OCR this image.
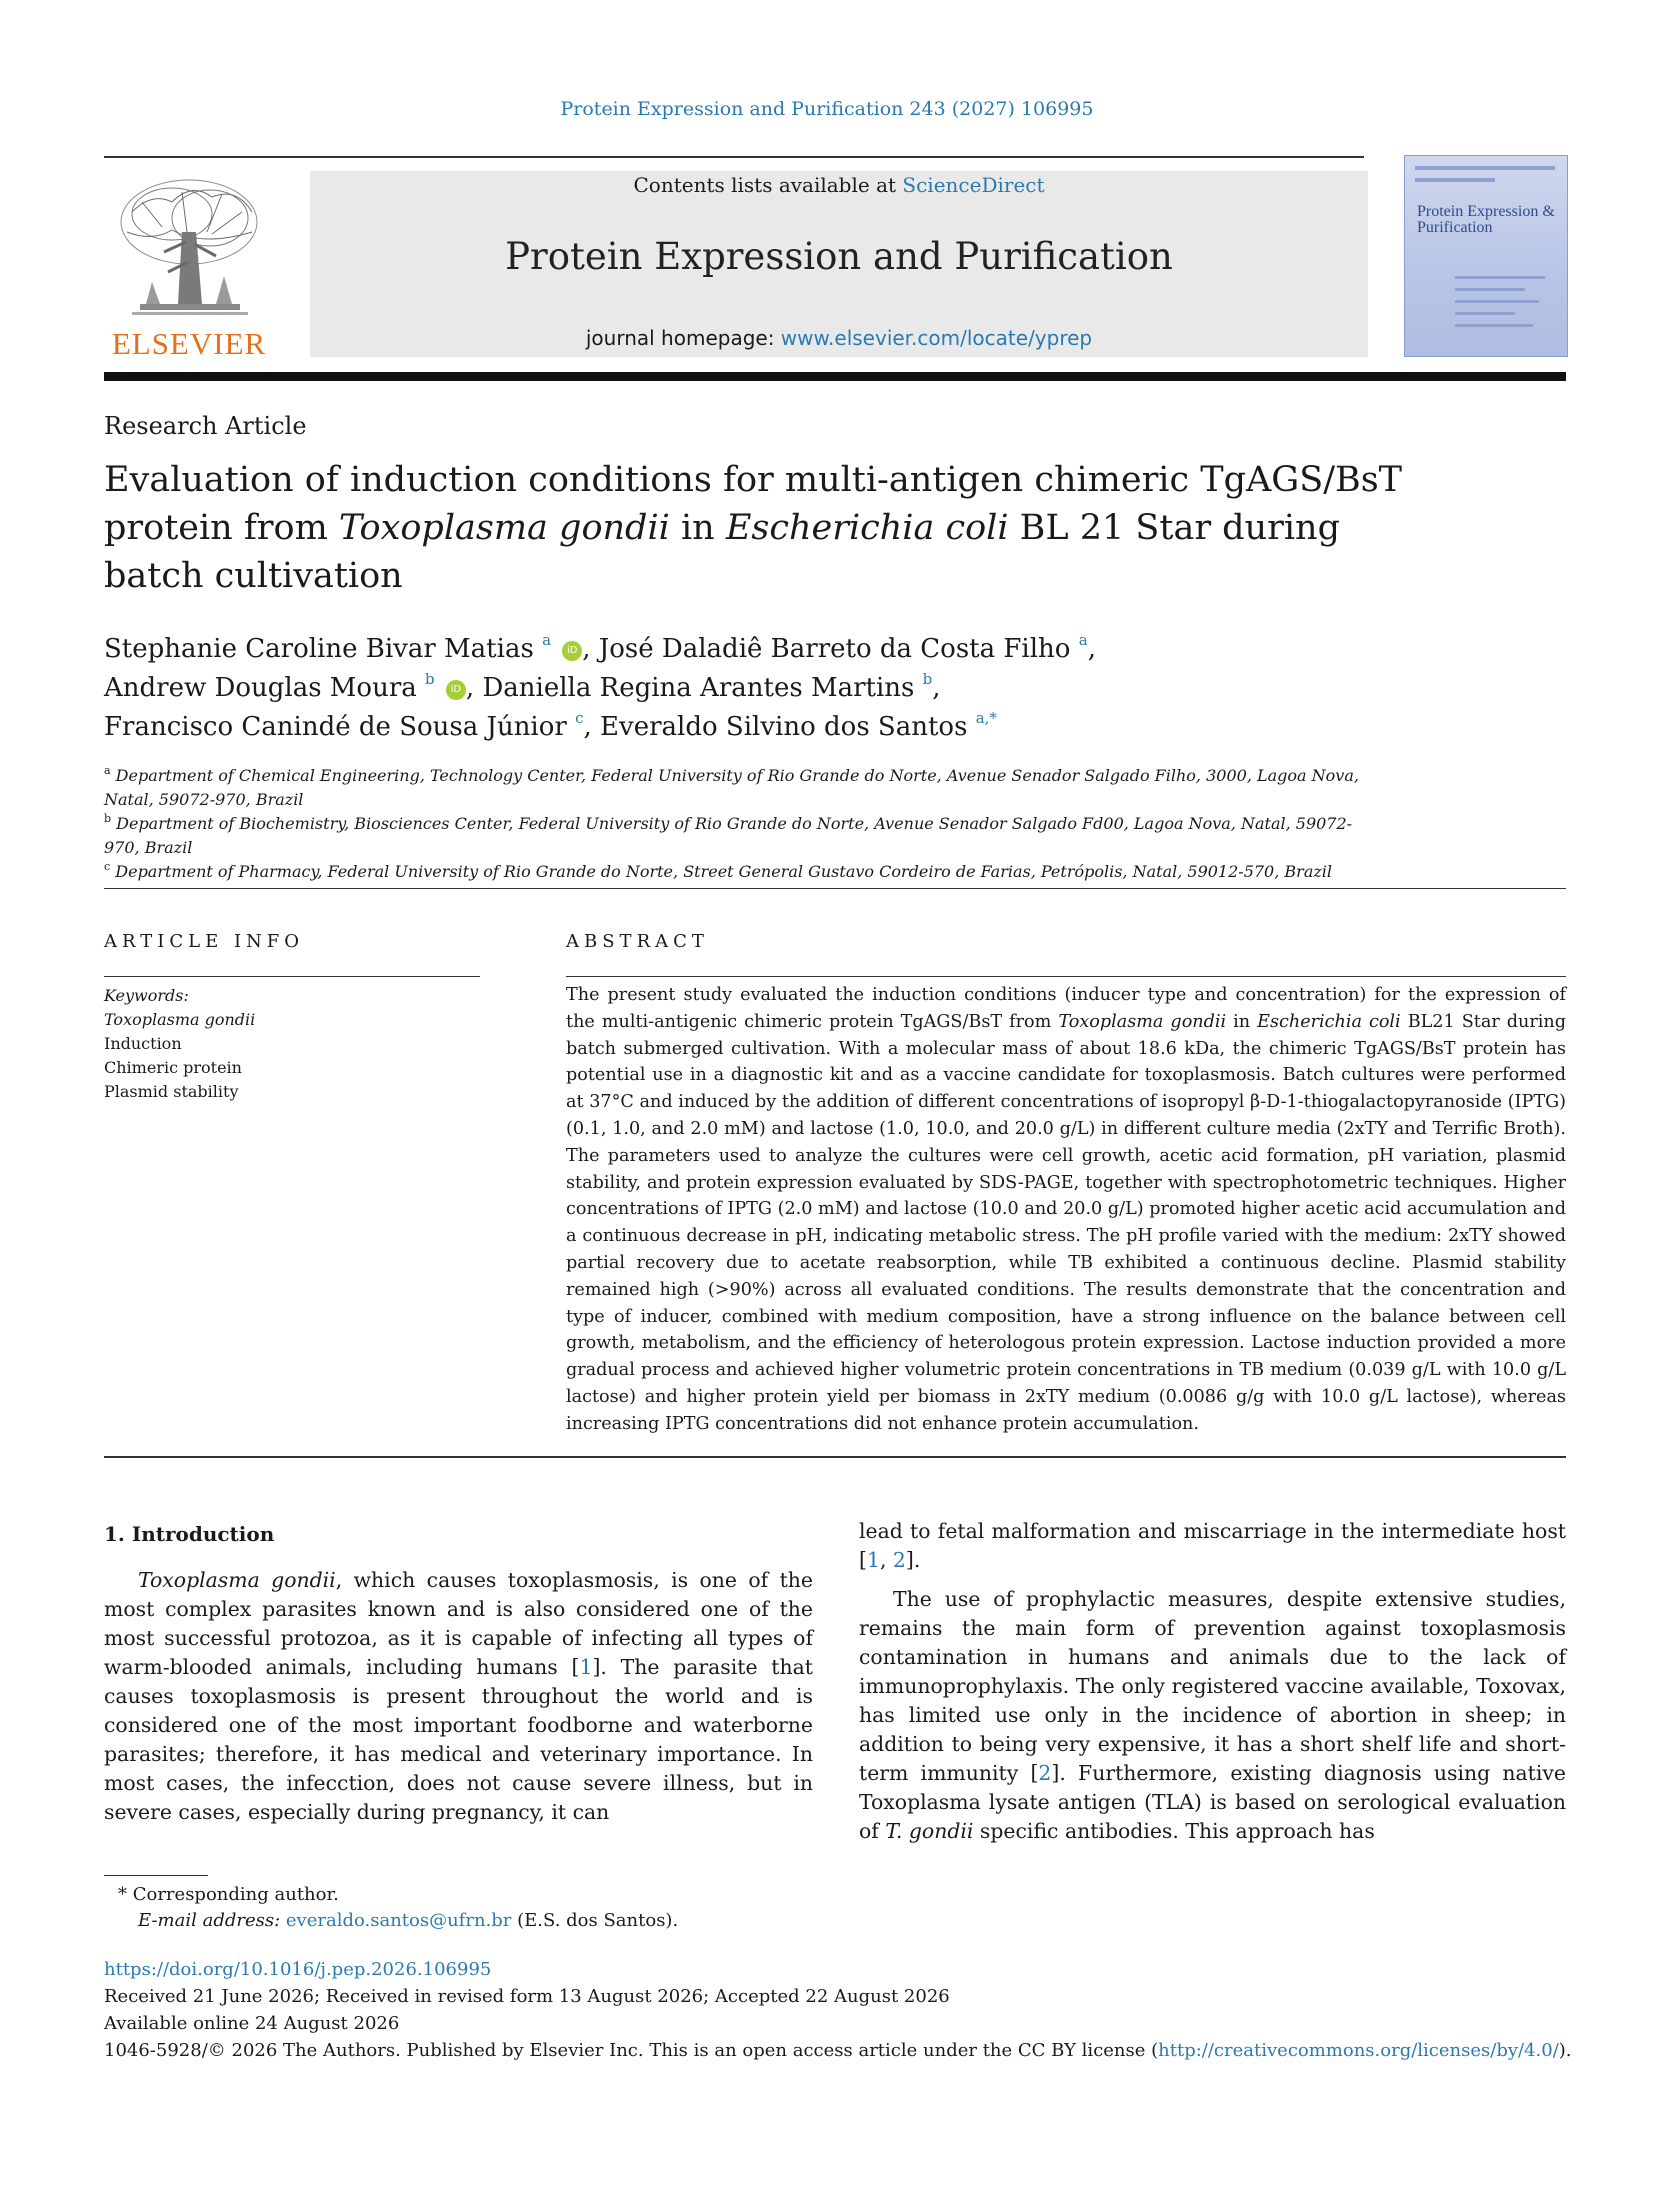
Protein Expression and Purification 243 (2027) 106995
ELSEVIER
Contents lists available at ScienceDirect
Protein Expression and Purification
journal homepage: www.elsevier.com/locate/yprep
Protein Expression & Purification
Research Article
Evaluation of induction conditions for multi-antigen chimeric TgAGS/BsT protein from Toxoplasma gondii in Escherichia coli BL 21 Star during batch cultivation
Stephanie Caroline Bivar Matias $^a$ iD , José Daladiê Barreto da Costa Filho $^a$,
Andrew Douglas Moura $^b$ iD , Daniella Regina Arantes Martins $^b$,
Francisco Canindé de Sousa Júnior $^c$, Everaldo Silvino dos Santos $^{a,*}$
$^a$ Department of Chemical Engineering, Technology Center, Federal University of Rio Grande do Norte, Avenue Senador Salgado Filho, 3000, Lagoa Nova, Natal, 59072-970, Brazil
$^b$ Department of Biochemistry, Biosciences Center, Federal University of Rio Grande do Norte, Avenue Senador Salgado Fd00, Lagoa Nova, Natal, 59072-970, Brazil
$^c$ Department of Pharmacy, Federal University of Rio Grande do Norte, Street General Gustavo Cordeiro de Farias, Petrópolis, Natal, 59012-570, Brazil
ARTICLE INFO
Keywords:
Toxoplasma gondii
Induction
Chimeric protein
Plasmid stability
ABSTRACT
The present study evaluated the induction conditions (inducer type and concentration) for the expression of the multi-antigenic chimeric protein TgAGS/BsT from Toxoplasma gondii in Escherichia coli BL21 Star during batch submerged cultivation. With a molecular mass of about 18.6 kDa, the chimeric TgAGS/BsT protein has potential use in a diagnostic kit and as a vaccine candidate for toxoplasmosis. Batch cultures were performed at 37°C and induced by the addition of different concentrations of isopropyl β-D-1-thiogalactopyranoside (IPTG) (0.1, 1.0, and 2.0 mM) and lactose (1.0, 10.0, and 20.0 g/L) in different culture media (2xTY and Terrific Broth). The parameters used to analyze the cultures were cell growth, acetic acid formation, pH variation, plasmid stability, and protein expression evaluated by SDS-PAGE, together with spectrophotometric techniques. Higher concentrations of IPTG (2.0 mM) and lactose (10.0 and 20.0 g/L) promoted higher acetic acid accumulation and a continuous decrease in pH, indicating metabolic stress. The pH profile varied with the medium: 2xTY showed partial recovery due to acetate reabsorption, while TB exhibited a continuous decline. Plasmid stability remained high (>90%) across all evaluated conditions. The results demonstrate that the concentration and type of inducer, combined with medium composition, have a strong influence on the balance between cell growth, metabolism, and the efficiency of heterologous protein expression. Lactose induction provided a more gradual process and achieved higher volumetric protein concentrations in TB medium (0.039 g/L with 10.0 g/L lactose) and higher protein yield per biomass in 2xTY medium (0.0086 g/g with 10.0 g/L lactose), whereas increasing IPTG concentrations did not enhance protein accumulation.
1. Introduction

Toxoplasma gondii, which causes toxoplasmosis, is one of the most complex parasites known and is also considered one of the most successful protozoa, as it is capable of infecting all types of warm-blooded animals, including humans [1]. The parasite that causes toxoplasmosis is present throughout the world and is considered one of the most important foodborne and waterborne parasites; therefore, it has medical and veterinary importance. In most cases, the infecction, does not cause severe illness, but in severe cases, especially during pregnancy, it can

lead to fetal malformation and miscarriage in the intermediate host [1, 2].

The use of prophylactic measures, despite extensive studies, remains the main form of prevention against toxoplasmosis contamination in humans and animals due to the lack of immunoprophylaxis. The only registered vaccine available, Toxovax, has limited use only in the incidence of abortion in sheep; in addition to being very expensive, it has a short shelf life and short-term immunity [2]. Furthermore, existing diagnosis using native Toxoplasma lysate antigen (TLA) is based on serological evaluation of T. gondii specific antibodies. This approach has

* Corresponding author.
E-mail address: everaldo.santos@ufrn.br (E.S. dos Santos).
https://doi.org/10.1016/j.pep.2026.106995
Received 21 June 2026; Received in revised form 13 August 2026; Accepted 22 August 2026
Available online 24 August 2026
1046-5928/© 2026 The Authors. Published by Elsevier Inc. This is an open access article under the CC BY license (http://creativecommons.org/licenses/by/4.0/).
